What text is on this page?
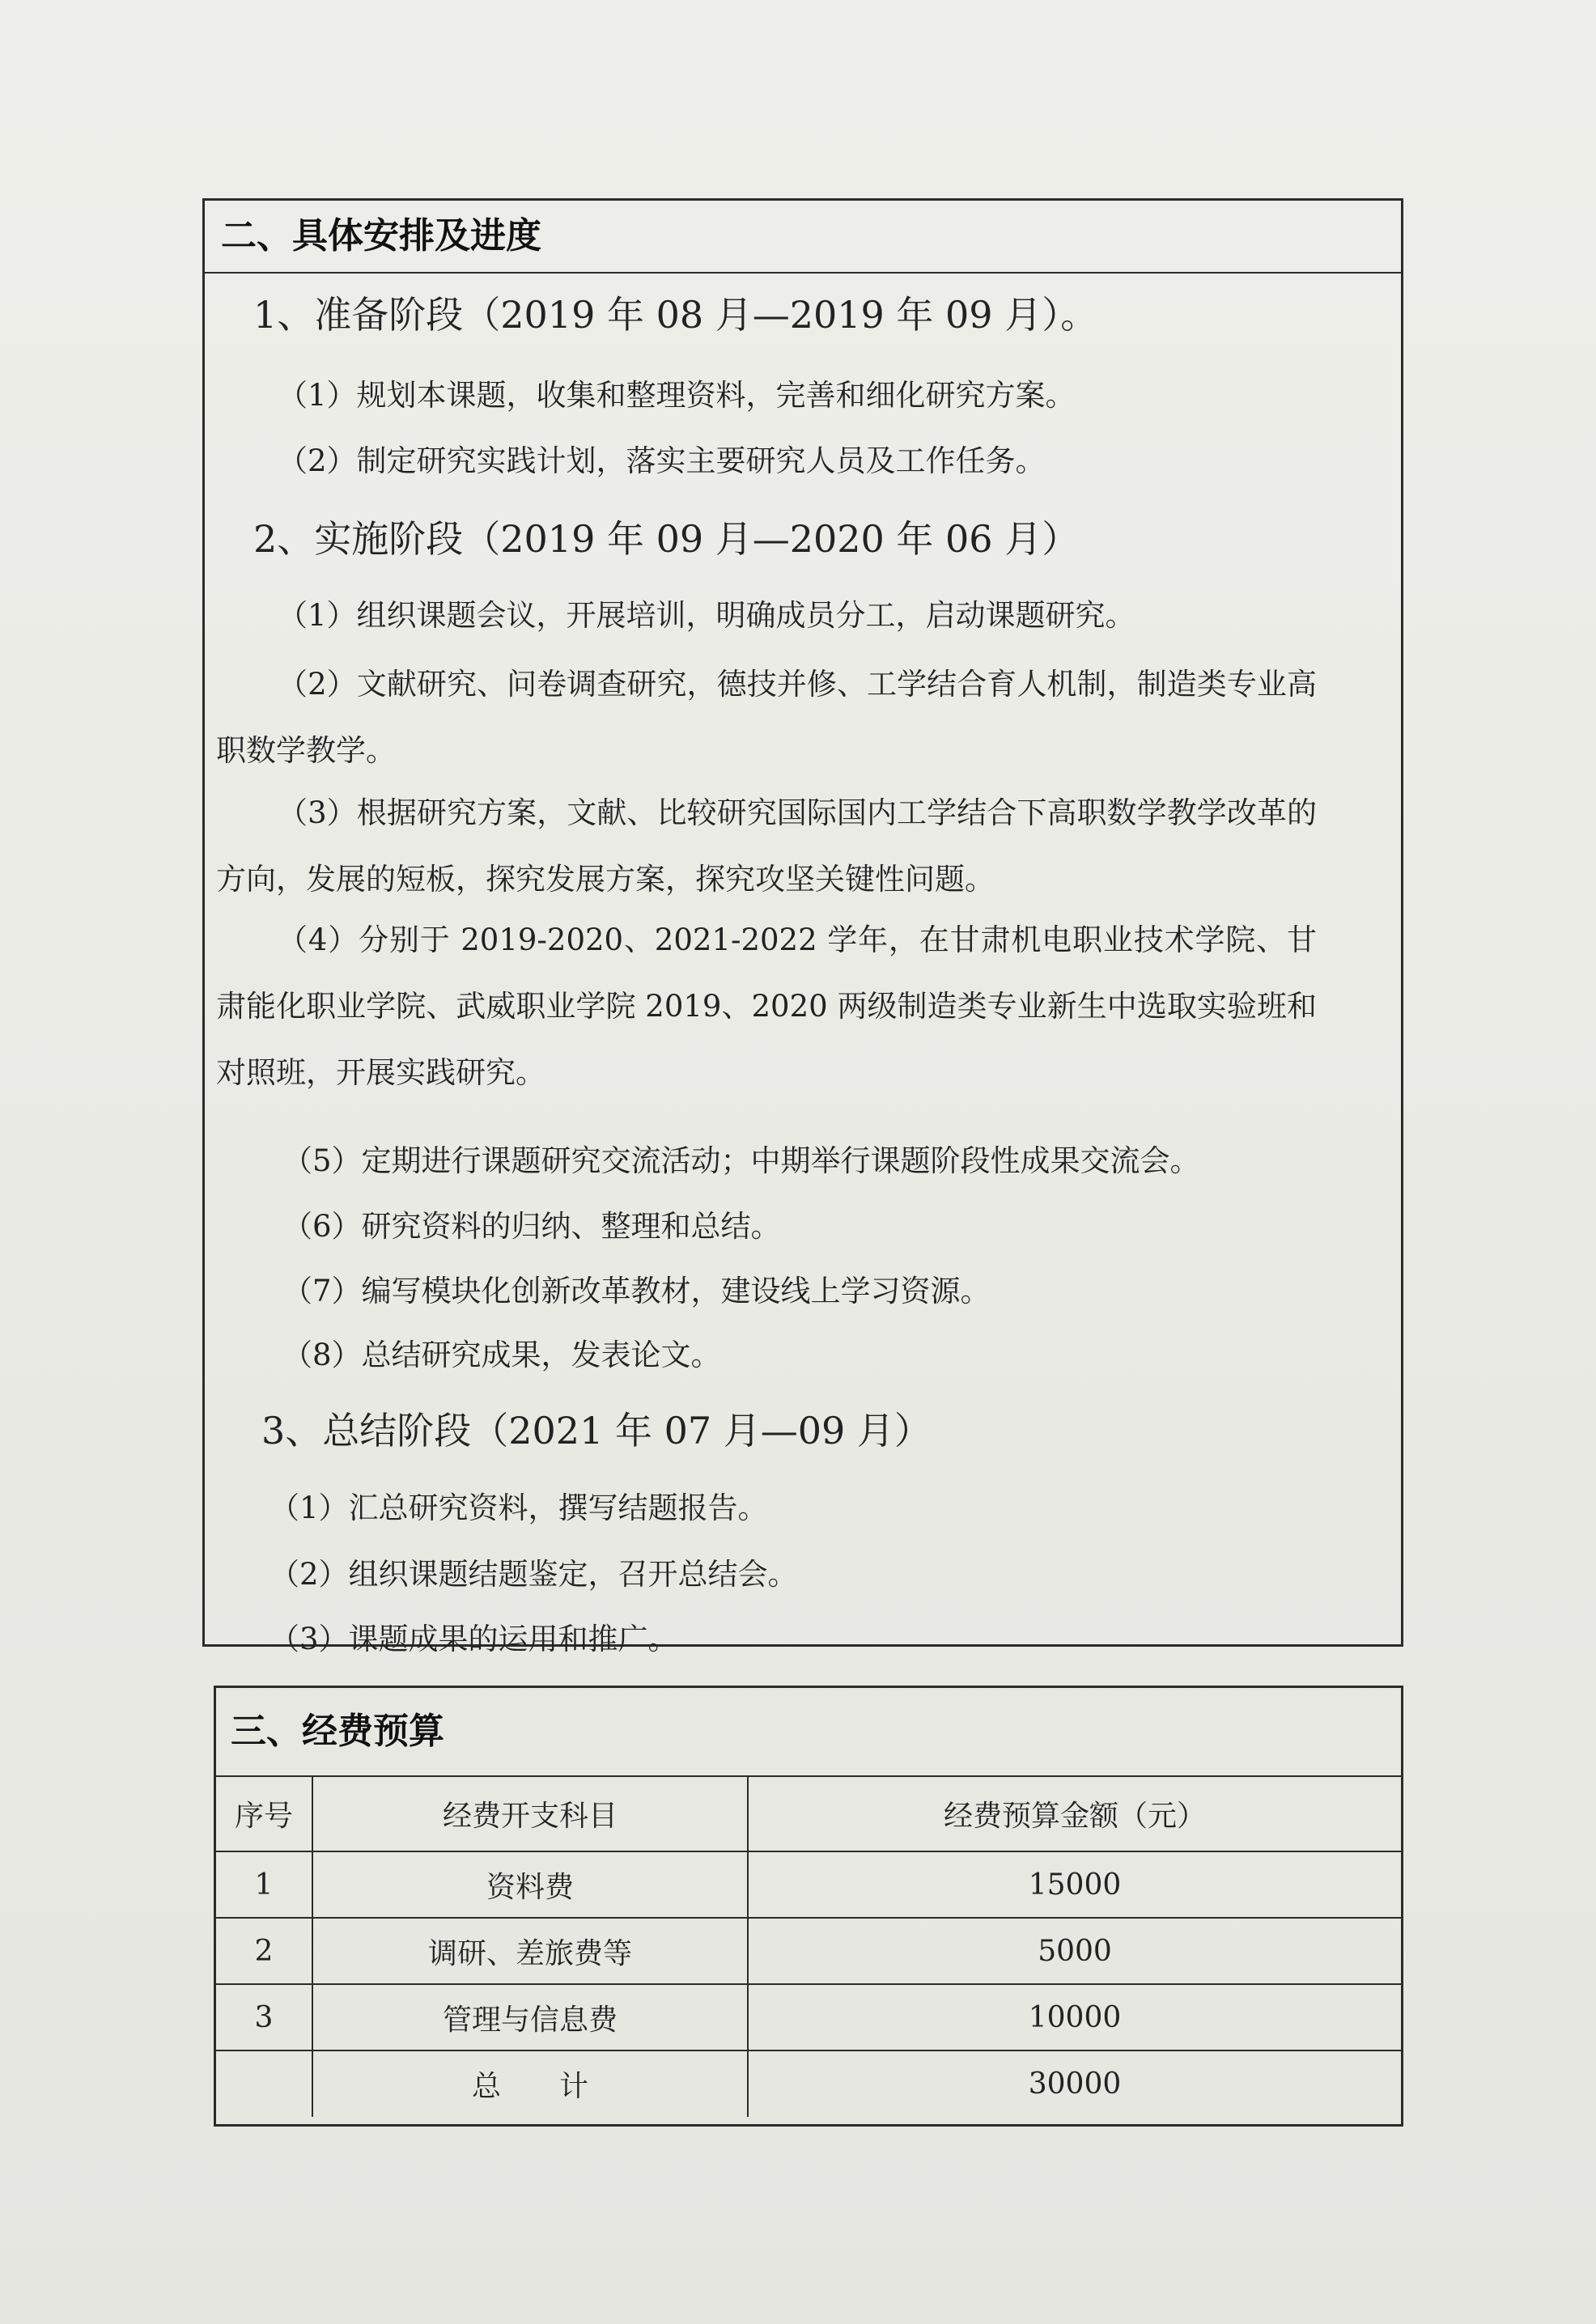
二、具体安排及进度
1、准备阶段（2019 年 08 月—2019 年 09 月）。
（1）规划本课题，收集和整理资料，完善和细化研究方案。
（2）制定研究实践计划，落实主要研究人员及工作任务。
2、实施阶段（2019 年 09 月—2020 年 06 月）
（1）组织课题会议，开展培训，明确成员分工，启动课题研究。
（2）文献研究、问卷调查研究，德技并修、工学结合育人机制，制造类专业高职数学教学。
（3）根据研究方案，文献、比较研究国际国内工学结合下高职数学教学改革的方向，发展的短板，探究发展方案，探究攻坚关键性问题。
（4）分别于 2019-2020、2021-2022 学年，在甘肃机电职业技术学院、甘肃能化职业学院、武威职业学院 2019、2020 两级制造类专业新生中选取实验班和对照班，开展实践研究。
（5）定期进行课题研究交流活动；中期举行课题阶段性成果交流会。
（6）研究资料的归纳、整理和总结。
（7）编写模块化创新改革教材，建设线上学习资源。
（8）总结研究成果，发表论文。
3、总结阶段（2021 年 07 月—09 月）
（1）汇总研究资料，撰写结题报告。
（2）组织课题结题鉴定，召开总结会。
（3）课题成果的运用和推广。
三、经费预算
序号	经费开支科目	经费预算金额（元）
1	资料费	15000
2	调研、差旅费等	5000
3	管理与信息费	10000
	总　　计	30000
